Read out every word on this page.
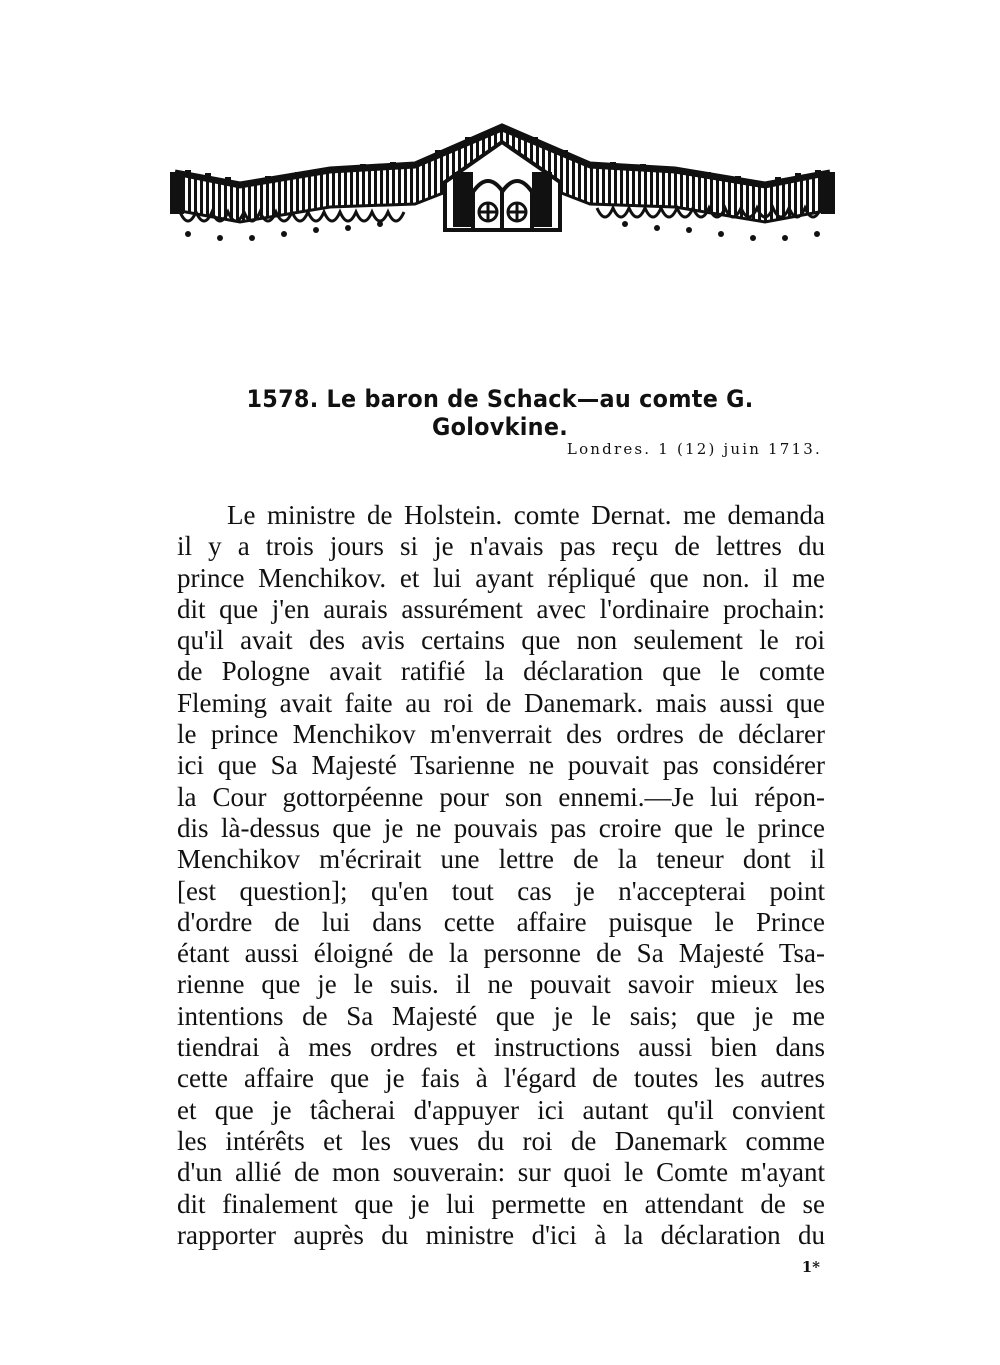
1578. Le baron de Schack—au comte G. Golovkine.
Londres. 1 (12) juin 1713.
Le ministre de Holstein. comte Dernat. me demanda
il y a trois jours si je n'avais pas reçu de lettres du
prince Menchikov. et lui ayant répliqué que non. il me
dit que j'en aurais assurément avec l'ordinaire prochain:
qu'il avait des avis certains que non seulement le roi
de Pologne avait ratifié la déclaration que le comte
Fleming avait faite au roi de Danemark. mais aussi que
le prince Menchikov m'enverrait des ordres de déclarer
ici que Sa Majesté Tsarienne ne pouvait pas considérer
la Cour gottorpéenne pour son ennemi.—Je lui répon-
dis là-dessus que je ne pouvais pas croire que le prince
Menchikov m'écrirait une lettre de la teneur dont il
[est question]; qu'en tout cas je n'accepterai point
d'ordre de lui dans cette affaire puisque le Prince
étant aussi éloigné de la personne de Sa Majesté Tsa-
rienne que je le suis. il ne pouvait savoir mieux les
intentions de Sa Majesté que je le sais; que je me
tiendrai à mes ordres et instructions aussi bien dans
cette affaire que je fais à l'égard de toutes les autres
et que je tâcherai d'appuyer ici autant qu'il convient
les intérêts et les vues du roi de Danemark comme
d'un allié de mon souverain: sur quoi le Comte m'ayant
dit finalement que je lui permette en attendant de se
rapporter auprès du ministre d'ici à la déclaration du
1*
